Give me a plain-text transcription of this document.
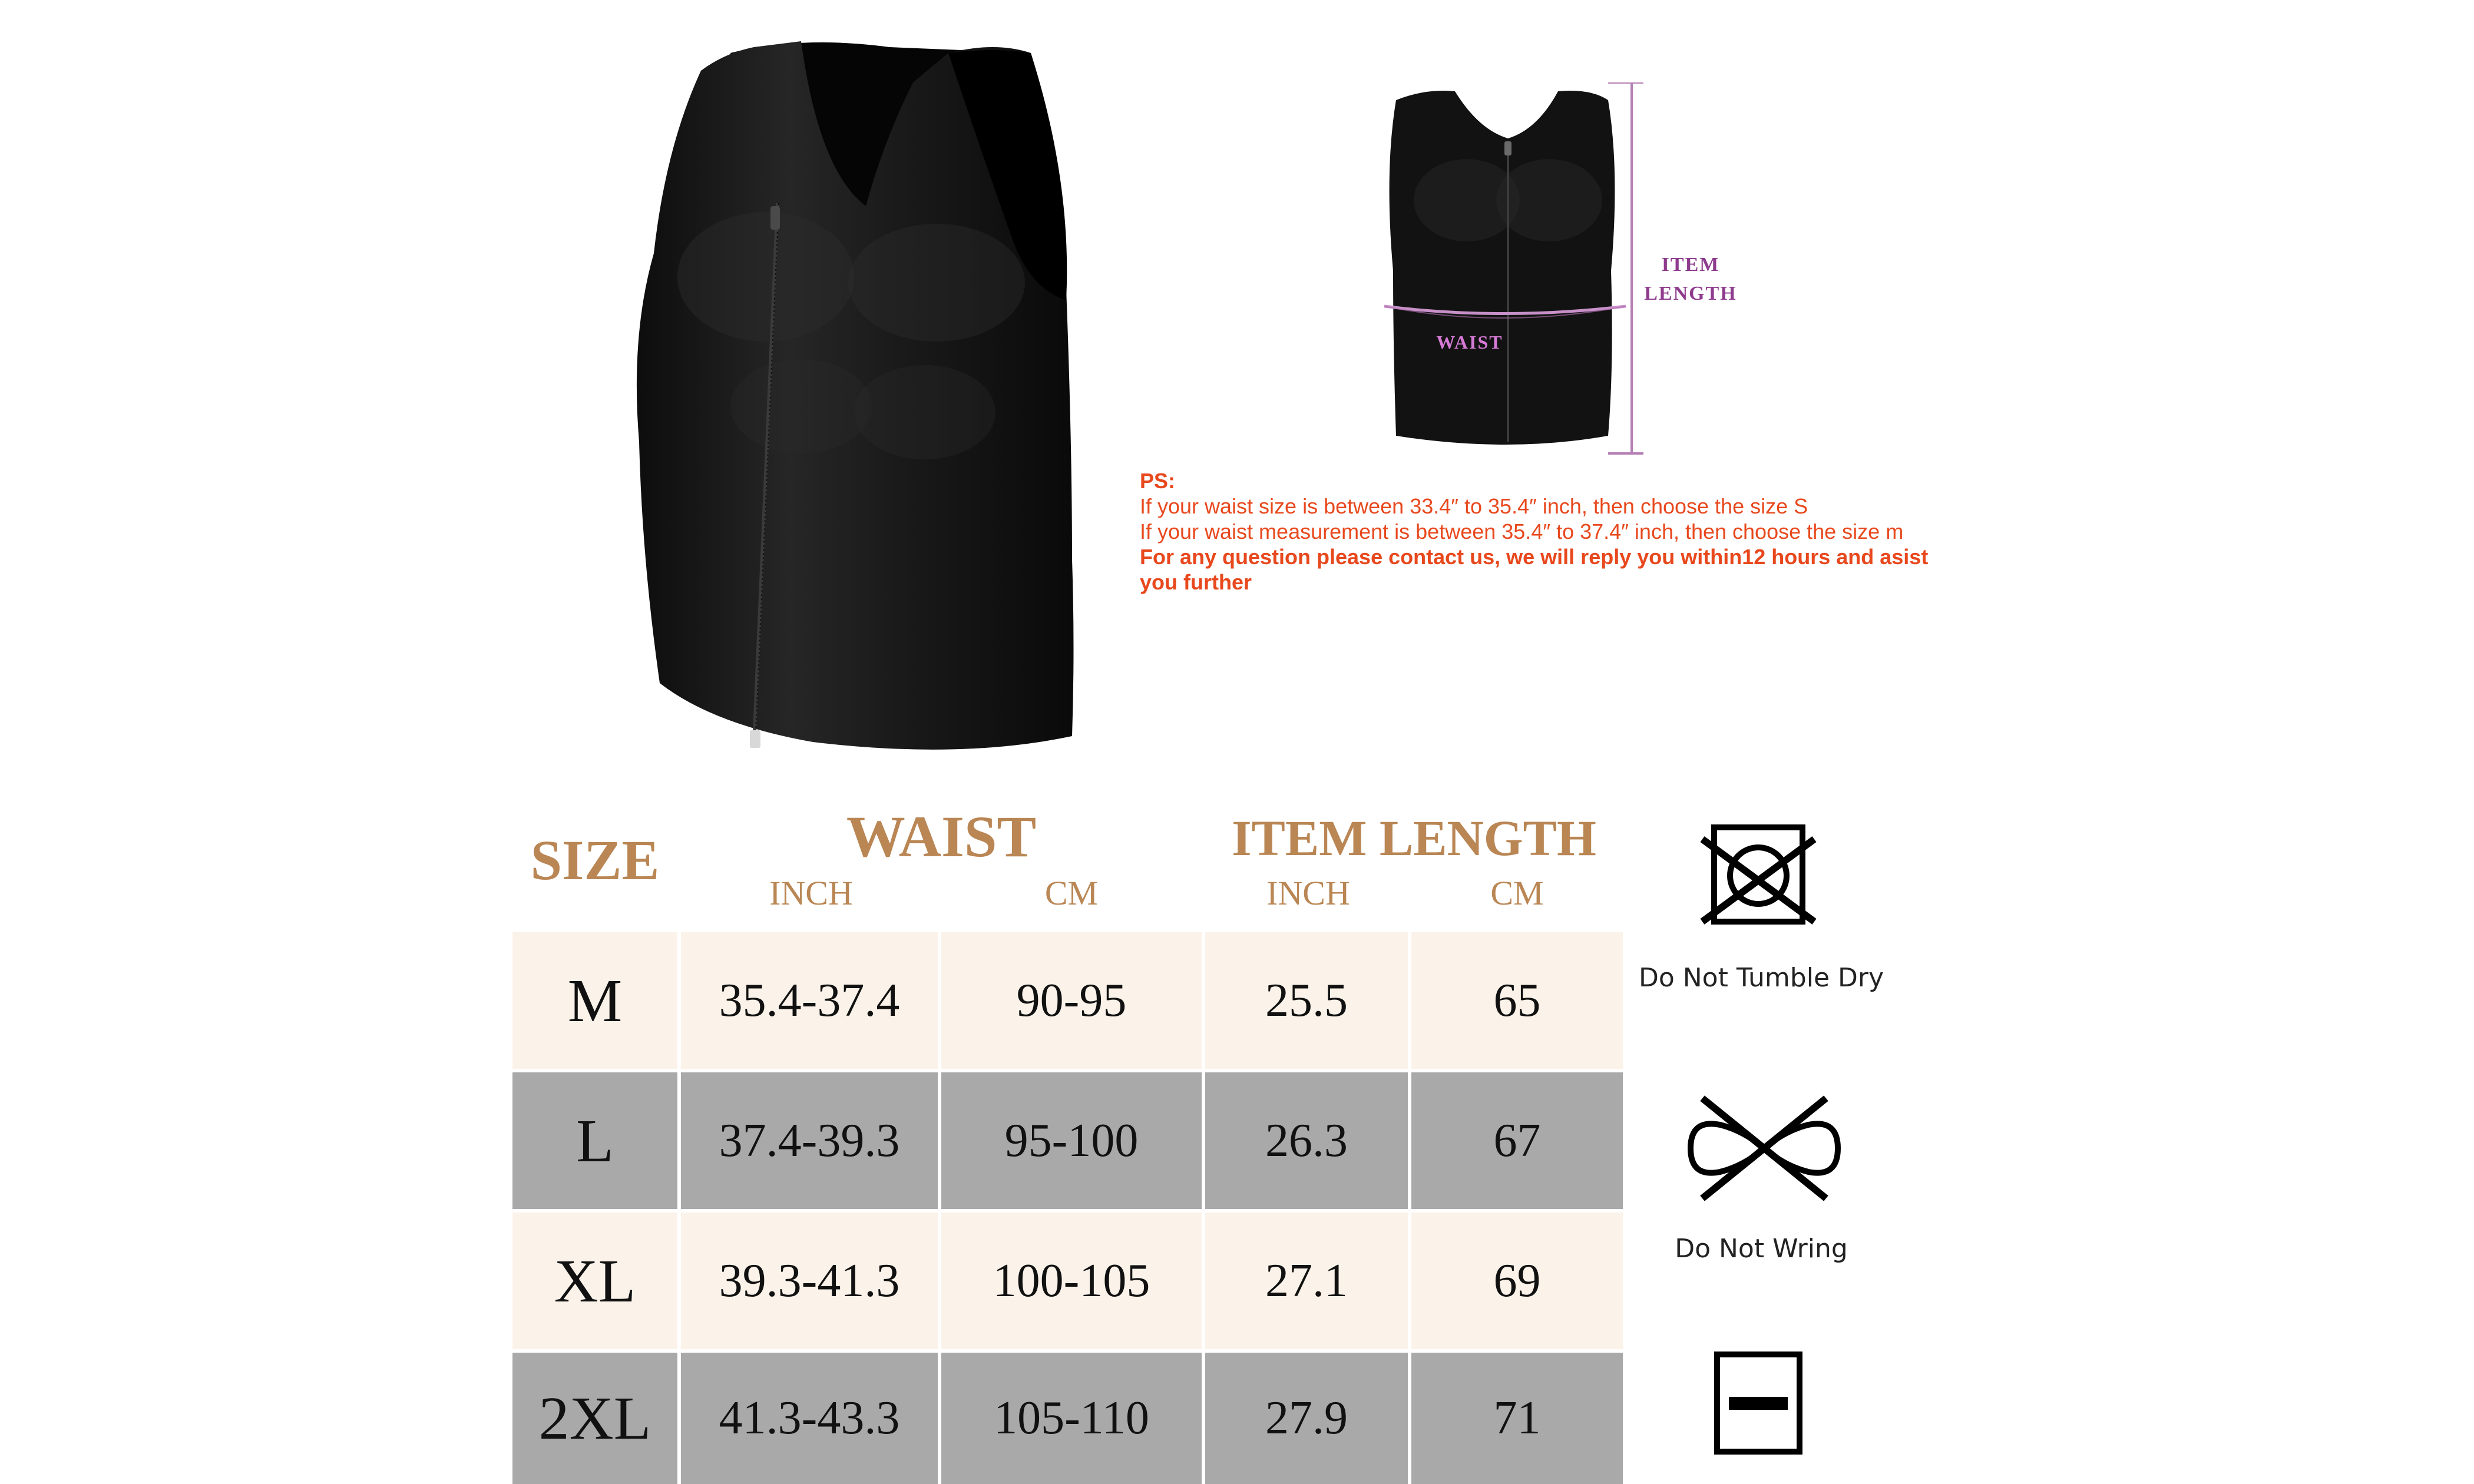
ITEM
LENGTH
WAIST
PS:
If your waist size is between 33.4″ to 35.4″ inch, then choose the size S
If your waist measurement is between 35.4″ to 37.4″ inch, then choose the size m
For any question please contact us, we will reply you within12 hours and asist
you further
SIZE	WAIST	ITEM LENGTH
INCH	CM	INCH	CM
M	35.4-37.4	90-95	25.5	65
L	37.4-39.3	95-100	26.3	67
XL	39.3-41.3	100-105	27.1	69
2XL	41.3-43.3	105-110	27.9	71
Do Not Tumble Dry
Do Not Wring
